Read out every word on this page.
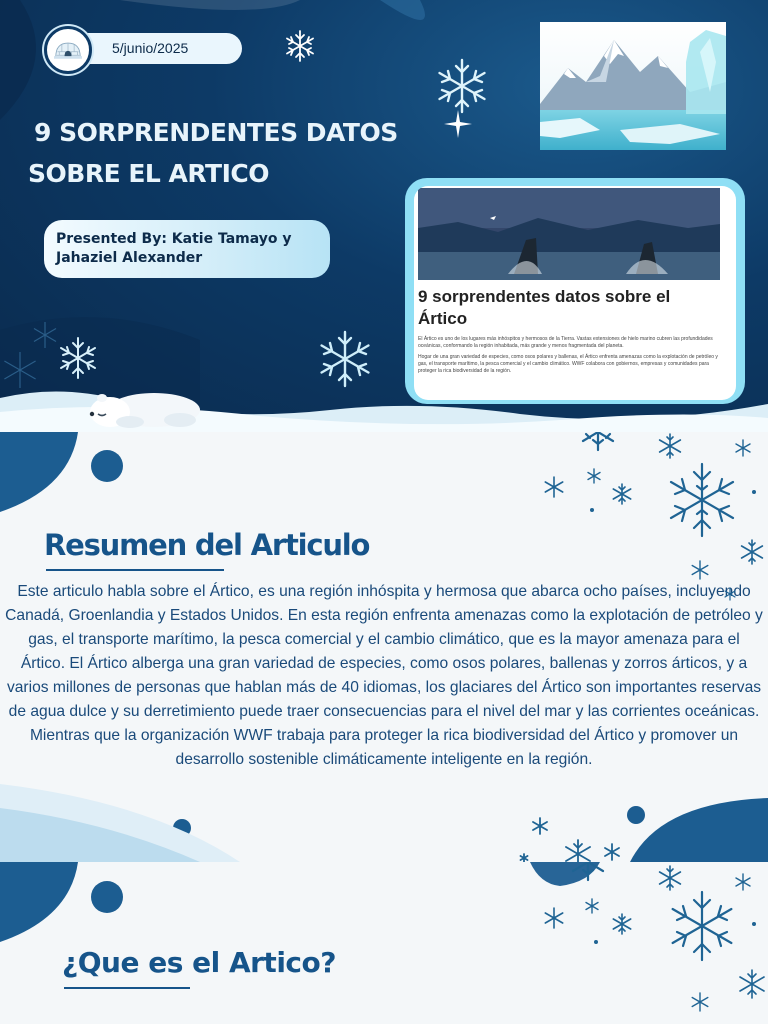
5/junio/2025
9 SORPRENDENTES DATOS
SOBRE EL ARTICO
Presented By: Katie Tamayo y
Jahaziel Alexander
9 sorprendentes datos sobre el Ártico

El Ártico es uno de los lugares más inhóspitos y hermosos de la Tierra. Vastas extensiones de hielo marino cubren las profundidades oceánicas, conformando la región inhabitada, más grande y menos fragmentada del planeta.

Hogar de una gran variedad de especies, como osos polares y ballenas, el Ártico enfrenta amenazas como la explotación de petróleo y gas, el transporte marítimo, la pesca comercial y el cambio climático. WWF colabora con gobiernos, empresas y comunidades para proteger la rica biodiversidad de la región.

Resumen del Articulo

Este articulo habla sobre el Ártico, es una región inhóspita y hermosa que abarca ocho países, incluyendo Canadá, Groenlandia y Estados Unidos. En esta región enfrenta amenazas como la explotación de petróleo y gas, el transporte marítimo, la pesca comercial y el cambio climático, que es la mayor amenaza para el Ártico. El Ártico alberga una gran variedad de especies, como osos polares, ballenas y zorros árticos, y a varios millones de personas que hablan más de 40 idiomas, los glaciares del Ártico son importantes reservas de agua dulce y su derretimiento puede traer consecuencias para el nivel del mar y las corrientes oceánicas. Mientras que la organización WWF trabaja para proteger la rica biodiversidad del Ártico y promover un desarrollo sostenible climáticamente inteligente en la región.

¿Que es el Artico?
